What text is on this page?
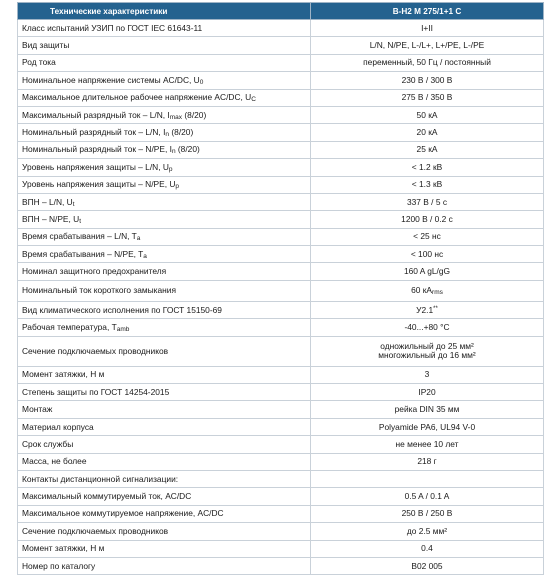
Технические характеристики	B-H2 M 275/1+1 C
Класс испытаний УЗИП по ГОСТ IEC 61643-11	I+II
Вид защиты	L/N, N/PE, L-/L+, L+/PE, L-/PE
Род тока	переменный, 50 Гц / постоянный
Номинальное напряжение системы AC/DC, $U_0$	230 В / 300 В
Максимальное длительное рабочее напряжение AC/DC, $U_C$	275 В / 350 В
Максимальный разрядный ток – L/N, $I_{max}$ (8/20)	50 кА
Номинальный разрядный ток – L/N, $I_n$ (8/20)	20 кА
Номинальный разрядный ток – N/PE, $I_n$ (8/20)	25 кА
Уровень напряжения защиты – L/N, $U_p$	< 1.2 кВ
Уровень напряжения защиты – N/PE, $U_p$	< 1.3 кВ
ВПН – L/N, $U_t$	337 В / 5 с
ВПН – N/PE, $U_t$	1200 В / 0.2 с
Время срабатывания – L/N, $T_a$	< 25 нс
Время срабатывания – N/PE, $T_a$	< 100 нс
Номинал защитного предохранителя	160 A gL/gG
Номинальный ток короткого замыкания	60 $кА_{rms}$
Вид климатического исполнения по ГОСТ 15150-69	У2.1**
Рабочая температура, $T_{amb}$	-40...+80 °C
Сечение подключаемых проводников	одножильный до 25 мм²
многожильный до 16 мм²
Момент затяжки, Н м	3
Степень защиты по ГОСТ 14254-2015	IP20
Монтаж	рейка DIN 35 мм
Материал корпуса	Polyamide PA6, UL94 V-0
Срок службы	не менее 10 лет
Масса, не более	218 г
Контакты дистанционной сигнализации:	
Максимальный коммутируемый ток, AC/DC	0.5 A / 0.1 A
Максимальное коммутируемое напряжение, AC/DC	250 В / 250 В
Сечение подключаемых проводников	до 2.5 мм²
Момент затяжки, Н м	0.4
Номер по каталогу	B02 005
